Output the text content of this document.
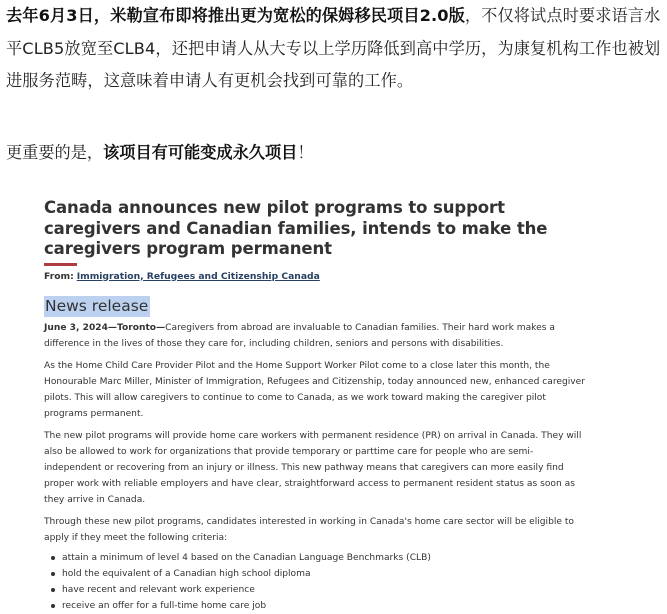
去年6月3日，米勒宣布即将推出更为宽松的保姆移民项目2.0版，不仅将试点时要求语言水平CLB5放宽至CLB4，还把申请人从大专以上学历降低到高中学历，为康复机构工作也被划进服务范畴，这意味着申请人有更机会找到可靠的工作。

更重要的是，该项目有可能变成永久项目！

Canada announces new pilot programs to support caregivers and Canadian families, intends to make the caregivers program permanent
From: Immigration, Refugees and Citizenship Canada
News release

June 3, 2024—Toronto—Caregivers from abroad are invaluable to Canadian families. Their hard work makes a difference in the lives of those they care for, including children, seniors and persons with disabilities.

As the Home Child Care Provider Pilot and the Home Support Worker Pilot come to a close later this month, the Honourable Marc Miller, Minister of Immigration, Refugees and Citizenship, today announced new, enhanced caregiver pilots. This will allow caregivers to continue to come to Canada, as we work toward making the caregiver pilot programs permanent.

The new pilot programs will provide home care workers with permanent residence (PR) on arrival in Canada. They will also be allowed to work for organizations that provide temporary or parttime care for people who are semi-independent or recovering from an injury or illness. This new pathway means that caregivers can more easily find proper work with reliable employers and have clear, straightforward access to permanent resident status as soon as they arrive in Canada.

Through these new pilot programs, candidates interested in working in Canada's home care sector will be eligible to apply if they meet the following criteria:

attain a minimum of level 4 based on the Canadian Language Benchmarks (CLB)
hold the equivalent of a Canadian high school diploma
have recent and relevant work experience
receive an offer for a full-time home care job
